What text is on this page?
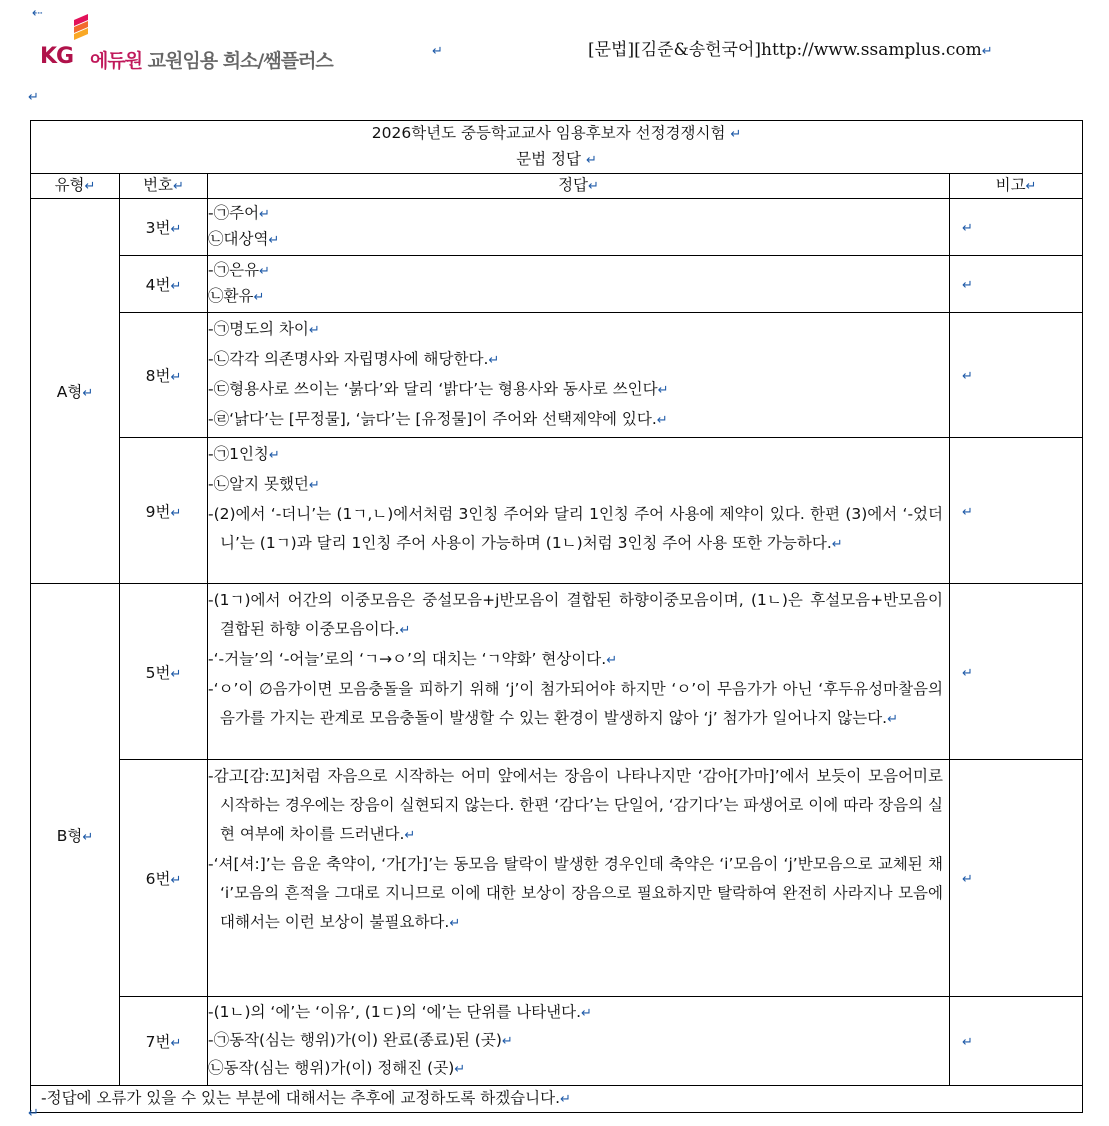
⇠
KG 에듀원 교원임용 희소/쌤플러스	↵	[문법][김준&송헌국어]http://www.ssamplus.com↵
↵
2026학년도 중등학교교사 임용후보자 선정경쟁시험 ↵
문법 정답 ↵			

유형↵	번호↵	정답↵	비고↵
A형↵	3번↵	-㉠주어↵
㉡대상역↵	↵
	4번↵	-㉠은유↵
㉡환유↵	↵
	8번↵	-㉠명도의 차이↵
-㉡각각 의존명사와 자립명사에 해당한다.↵
-㉢형용사로 쓰이는 ‘붉다’와 달리 ‘밝다’는 형용사와 동사로 쓰인다↵
-㉣‘낡다’는 [무정물], ‘늙다’는 [유정물]이 주어와 선택제약에 있다.↵	↵
	9번↵	-㉠1인칭↵
-㉡알지 못했던↵
-(2)에서 ‘-더니’는 (1ㄱ,ㄴ)에서처럼 3인칭 주어와 달리 1인칭 주어 사용에 제약이 있다. 한편 (3)에서 ‘-었더니’는 (1ㄱ)과 달리 1인칭 주어 사용이 가능하며 (1ㄴ)처럼 3인칭 주어 사용 또한 가능하다.↵	↵
B형↵	5번↵	-(1ㄱ)에서 어간의 이중모음은 중설모음+j반모음이 결합된 하향이중모음이며, (1ㄴ)은 후설모음+반모음이 결합된 하향 이중모음이다.↵
-‘-거늘’의 ‘-어늘’로의 ‘ㄱ→ㅇ’의 대치는 ‘ㄱ약화’ 현상이다.↵
-‘ㅇ’이 ∅음가이면 모음충돌을 피하기 위해 ‘j’이 첨가되어야 하지만 ‘ㅇ’이 무음가가 아닌 ‘후두유성마찰음의 음가를 가지는 관계로 모음충돌이 발생할 수 있는 환경이 발생하지 않아 ‘j’ 첨가가 일어나지 않는다.↵	↵
	6번↵	-감고[감:꼬]처럼 자음으로 시작하는 어미 앞에서는 장음이 나타나지만 ‘감아[가마]’에서 보듯이 모음어미로 시작하는 경우에는 장음이 실현되지 않는다. 한편 ‘감다’는 단일어, ‘감기다’는 파생어로 이에 따라 장음의 실현 여부에 차이를 드러낸다.↵
-‘셔[셔:]’는 음운 축약이, ‘가[가]’는 동모음 탈락이 발생한 경우인데 축약은 ‘i’모음이 ‘j’반모음으로 교체된 채 ‘i’모음의 흔적을 그대로 지니므로 이에 대한 보상이 장음으로 필요하지만 탈락하여 완전히 사라지나 모음에 대해서는 이런 보상이 불필요하다.↵	↵
	7번↵	-(1ㄴ)의 ‘에’는 ‘이유’, (1ㄷ)의 ‘에’는 단위를 나타낸다.↵
-㉠동작(심는 행위)가(이) 완료(종료)된 (곳)↵
㉡동작(심는 행위)가(이) 정해진 (곳)↵	↵
-정답에 오류가 있을 수 있는 부분에 대해서는 추후에 교정하도록 하겠습니다.↵			
↵
